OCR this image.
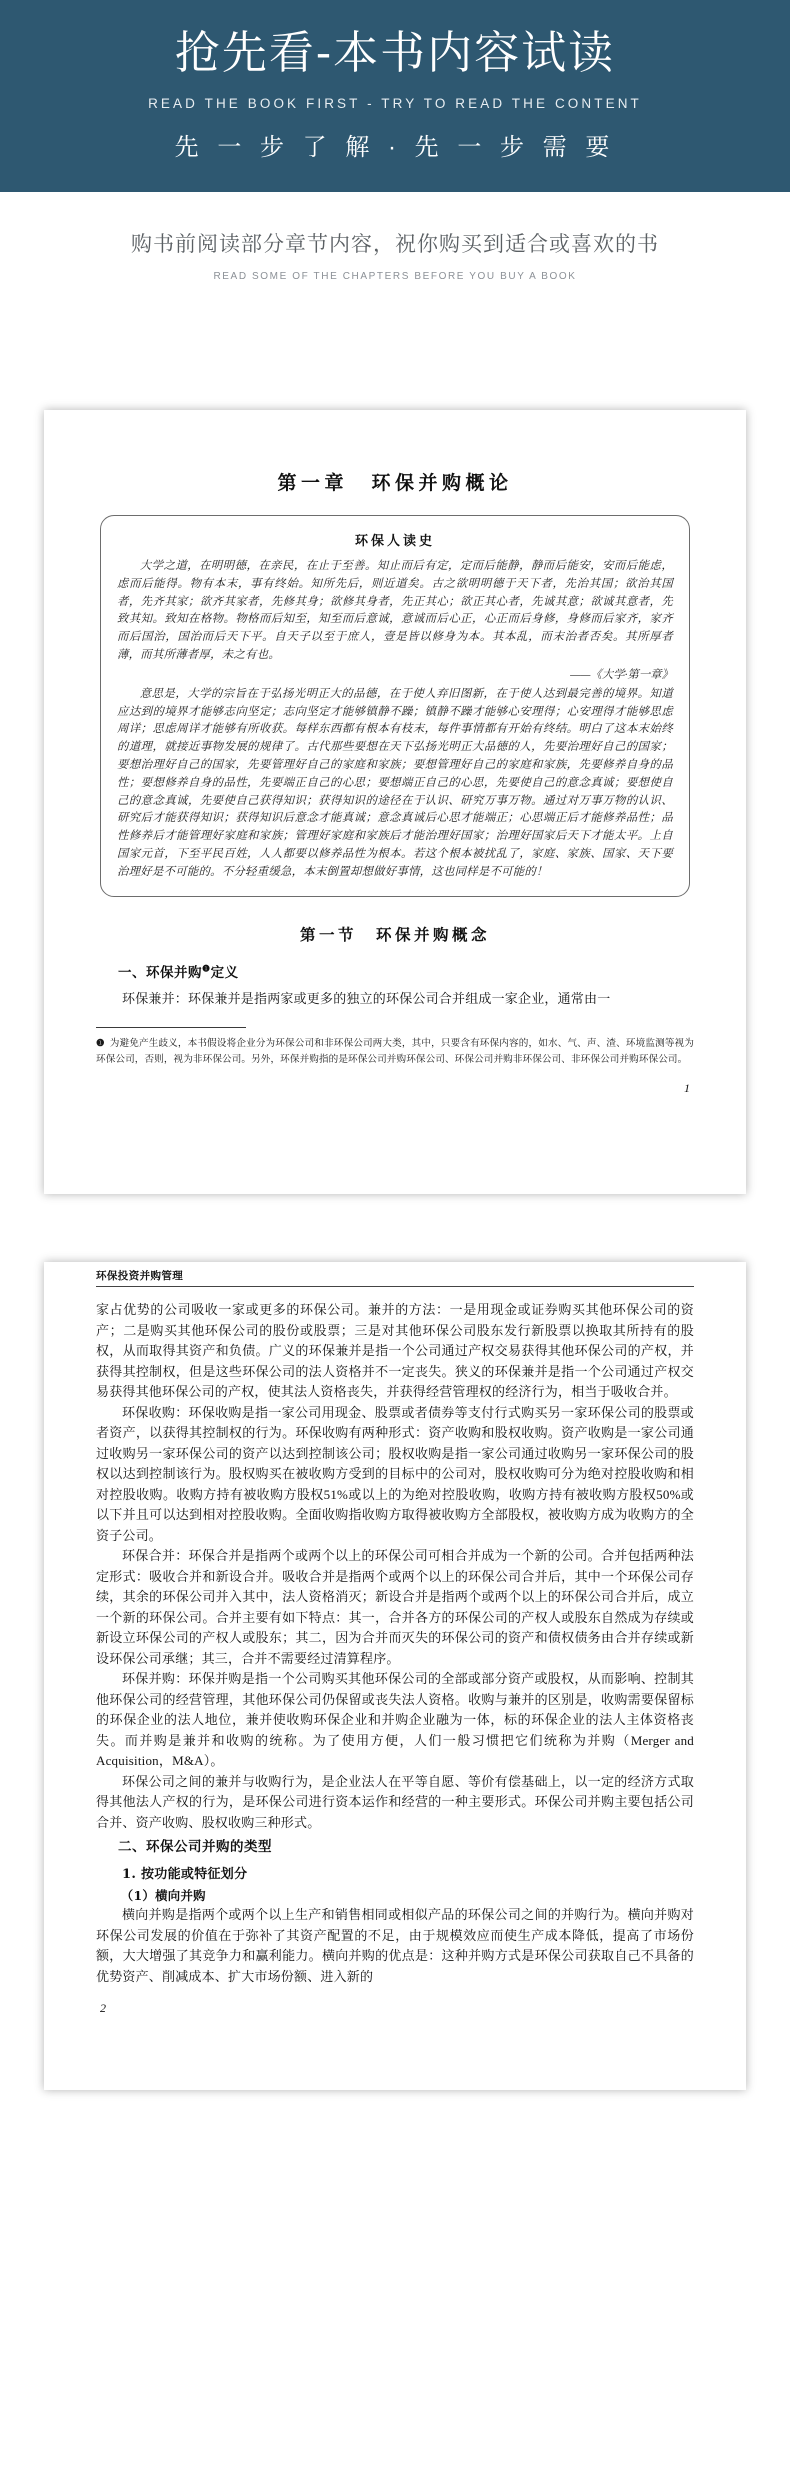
抢先看-本书内容试读
READ THE BOOK FIRST - TRY TO READ THE CONTENT
先 一 步 了 解 · 先 一 步 需 要
购书前阅读部分章节内容，祝你购买到适合或喜欢的书
READ SOME OF THE CHAPTERS BEFORE YOU BUY A BOOK
第一章　环保并购概论
环保人读史
大学之道，在明明德，在亲民，在止于至善。知止而后有定，定而后能静，静而后能安，安而后能虑，虑而后能得。物有本末，事有终始。知所先后，则近道矣。古之欲明明德于天下者，先治其国；欲治其国者，先齐其家；欲齐其家者，先修其身；欲修其身者，先正其心；欲正其心者，先诚其意；欲诚其意者，先致其知。致知在格物。物格而后知至，知至而后意诚，意诚而后心正，心正而后身修，身修而后家齐，家齐而后国治，国治而后天下平。自天子以至于庶人，壹是皆以修身为本。其本乱，而末治者否矣。其所厚者薄，而其所薄者厚，未之有也。
——《大学·第一章》
意思是，大学的宗旨在于弘扬光明正大的品德，在于使人弃旧图新，在于使人达到最完善的境界。知道应达到的境界才能够志向坚定；志向坚定才能够镇静不躁；镇静不躁才能够心安理得；心安理得才能够思虑周详；思虑周详才能够有所收获。每样东西都有根本有枝末，每件事情都有开始有终结。明白了这本末始终的道理，就接近事物发展的规律了。古代那些要想在天下弘扬光明正大品德的人，先要治理好自己的国家；要想治理好自己的国家，先要管理好自己的家庭和家族；要想管理好自己的家庭和家族，先要修养自身的品性；要想修养自身的品性，先要端正自己的心思；要想端正自己的心思，先要使自己的意念真诚；要想使自己的意念真诚，先要使自己获得知识；获得知识的途径在于认识、研究万事万物。通过对万事万物的认识、研究后才能获得知识；获得知识后意念才能真诚；意念真诚后心思才能端正；心思端正后才能修养品性；品性修养后才能管理好家庭和家族；管理好家庭和家族后才能治理好国家；治理好国家后天下才能太平。上自国家元首，下至平民百姓，人人都要以修养品性为根本。若这个根本被扰乱了，家庭、家族、国家、天下要治理好是不可能的。不分轻重缓急，本末倒置却想做好事情，这也同样是不可能的！
第一节　环保并购概念
一、环保并购$^❶$定义
环保兼并：环保兼并是指两家或更多的独立的环保公司合并组成一家企业，通常由一
❶ 为避免产生歧义，本书假设将企业分为环保公司和非环保公司两大类，其中，只要含有环保内容的，如水、气、声、渣、环境监测等视为环保公司，否则，视为非环保公司。另外，环保并购指的是环保公司并购环保公司、环保公司并购非环保公司、非环保公司并购环保公司。
1
环保投资并购管理
家占优势的公司吸收一家或更多的环保公司。兼并的方法：一是用现金或证券购买其他环保公司的资产；二是购买其他环保公司的股份或股票；三是对其他环保公司股东发行新股票以换取其所持有的股权，从而取得其资产和负债。广义的环保兼并是指一个公司通过产权交易获得其他环保公司的产权，并获得其控制权，但是这些环保公司的法人资格并不一定丧失。狭义的环保兼并是指一个公司通过产权交易获得其他环保公司的产权，使其法人资格丧失，并获得经营管理权的经济行为，相当于吸收合并。
环保收购：环保收购是指一家公司用现金、股票或者债券等支付行式购买另一家环保公司的股票或者资产，以获得其控制权的行为。环保收购有两种形式：资产收购和股权收购。资产收购是一家公司通过收购另一家环保公司的资产以达到控制该公司；股权收购是指一家公司通过收购另一家环保公司的股权以达到控制该行为。股权购买在被收购方受到的目标中的公司对，股权收购可分为绝对控股收购和相对控股收购。收购方持有被收购方股权51%或以上的为绝对控股收购，收购方持有被收购方股权50%或以下并且可以达到相对控股收购。全面收购指收购方取得被收购方全部股权，被收购方成为收购方的全资子公司。
环保合并：环保合并是指两个或两个以上的环保公司可相合并成为一个新的公司。合并包括两种法定形式：吸收合并和新设合并。吸收合并是指两个或两个以上的环保公司合并后，其中一个环保公司存续，其余的环保公司并入其中，法人资格消灭；新设合并是指两个或两个以上的环保公司合并后，成立一个新的环保公司。合并主要有如下特点：其一，合并各方的环保公司的产权人或股东自然成为存续或新设立环保公司的产权人或股东；其二，因为合并而灭失的环保公司的资产和债权债务由合并存续或新设环保公司承继；其三，合并不需要经过清算程序。
环保并购：环保并购是指一个公司购买其他环保公司的全部或部分资产或股权，从而影响、控制其他环保公司的经营管理，其他环保公司仍保留或丧失法人资格。收购与兼并的区别是，收购需要保留标的环保企业的法人地位，兼并使收购环保企业和并购企业融为一体，标的环保企业的法人主体资格丧失。而并购是兼并和收购的统称。为了使用方便，人们一般习惯把它们统称为并购（Merger and Acquisition，M&A）。
环保公司之间的兼并与收购行为，是企业法人在平等自愿、等价有偿基础上，以一定的经济方式取得其他法人产权的行为，是环保公司进行资本运作和经营的一种主要形式。环保公司并购主要包括公司合并、资产收购、股权收购三种形式。
二、环保公司并购的类型
1. 按功能或特征划分
（1）横向并购
横向并购是指两个或两个以上生产和销售相同或相似产品的环保公司之间的并购行为。横向并购对环保公司发展的价值在于弥补了其资产配置的不足，由于规模效应而使生产成本降低，提高了市场份额，大大增强了其竞争力和赢利能力。横向并购的优点是：这种并购方式是环保公司获取自己不具备的优势资产、削减成本、扩大市场份额、进入新的
2
